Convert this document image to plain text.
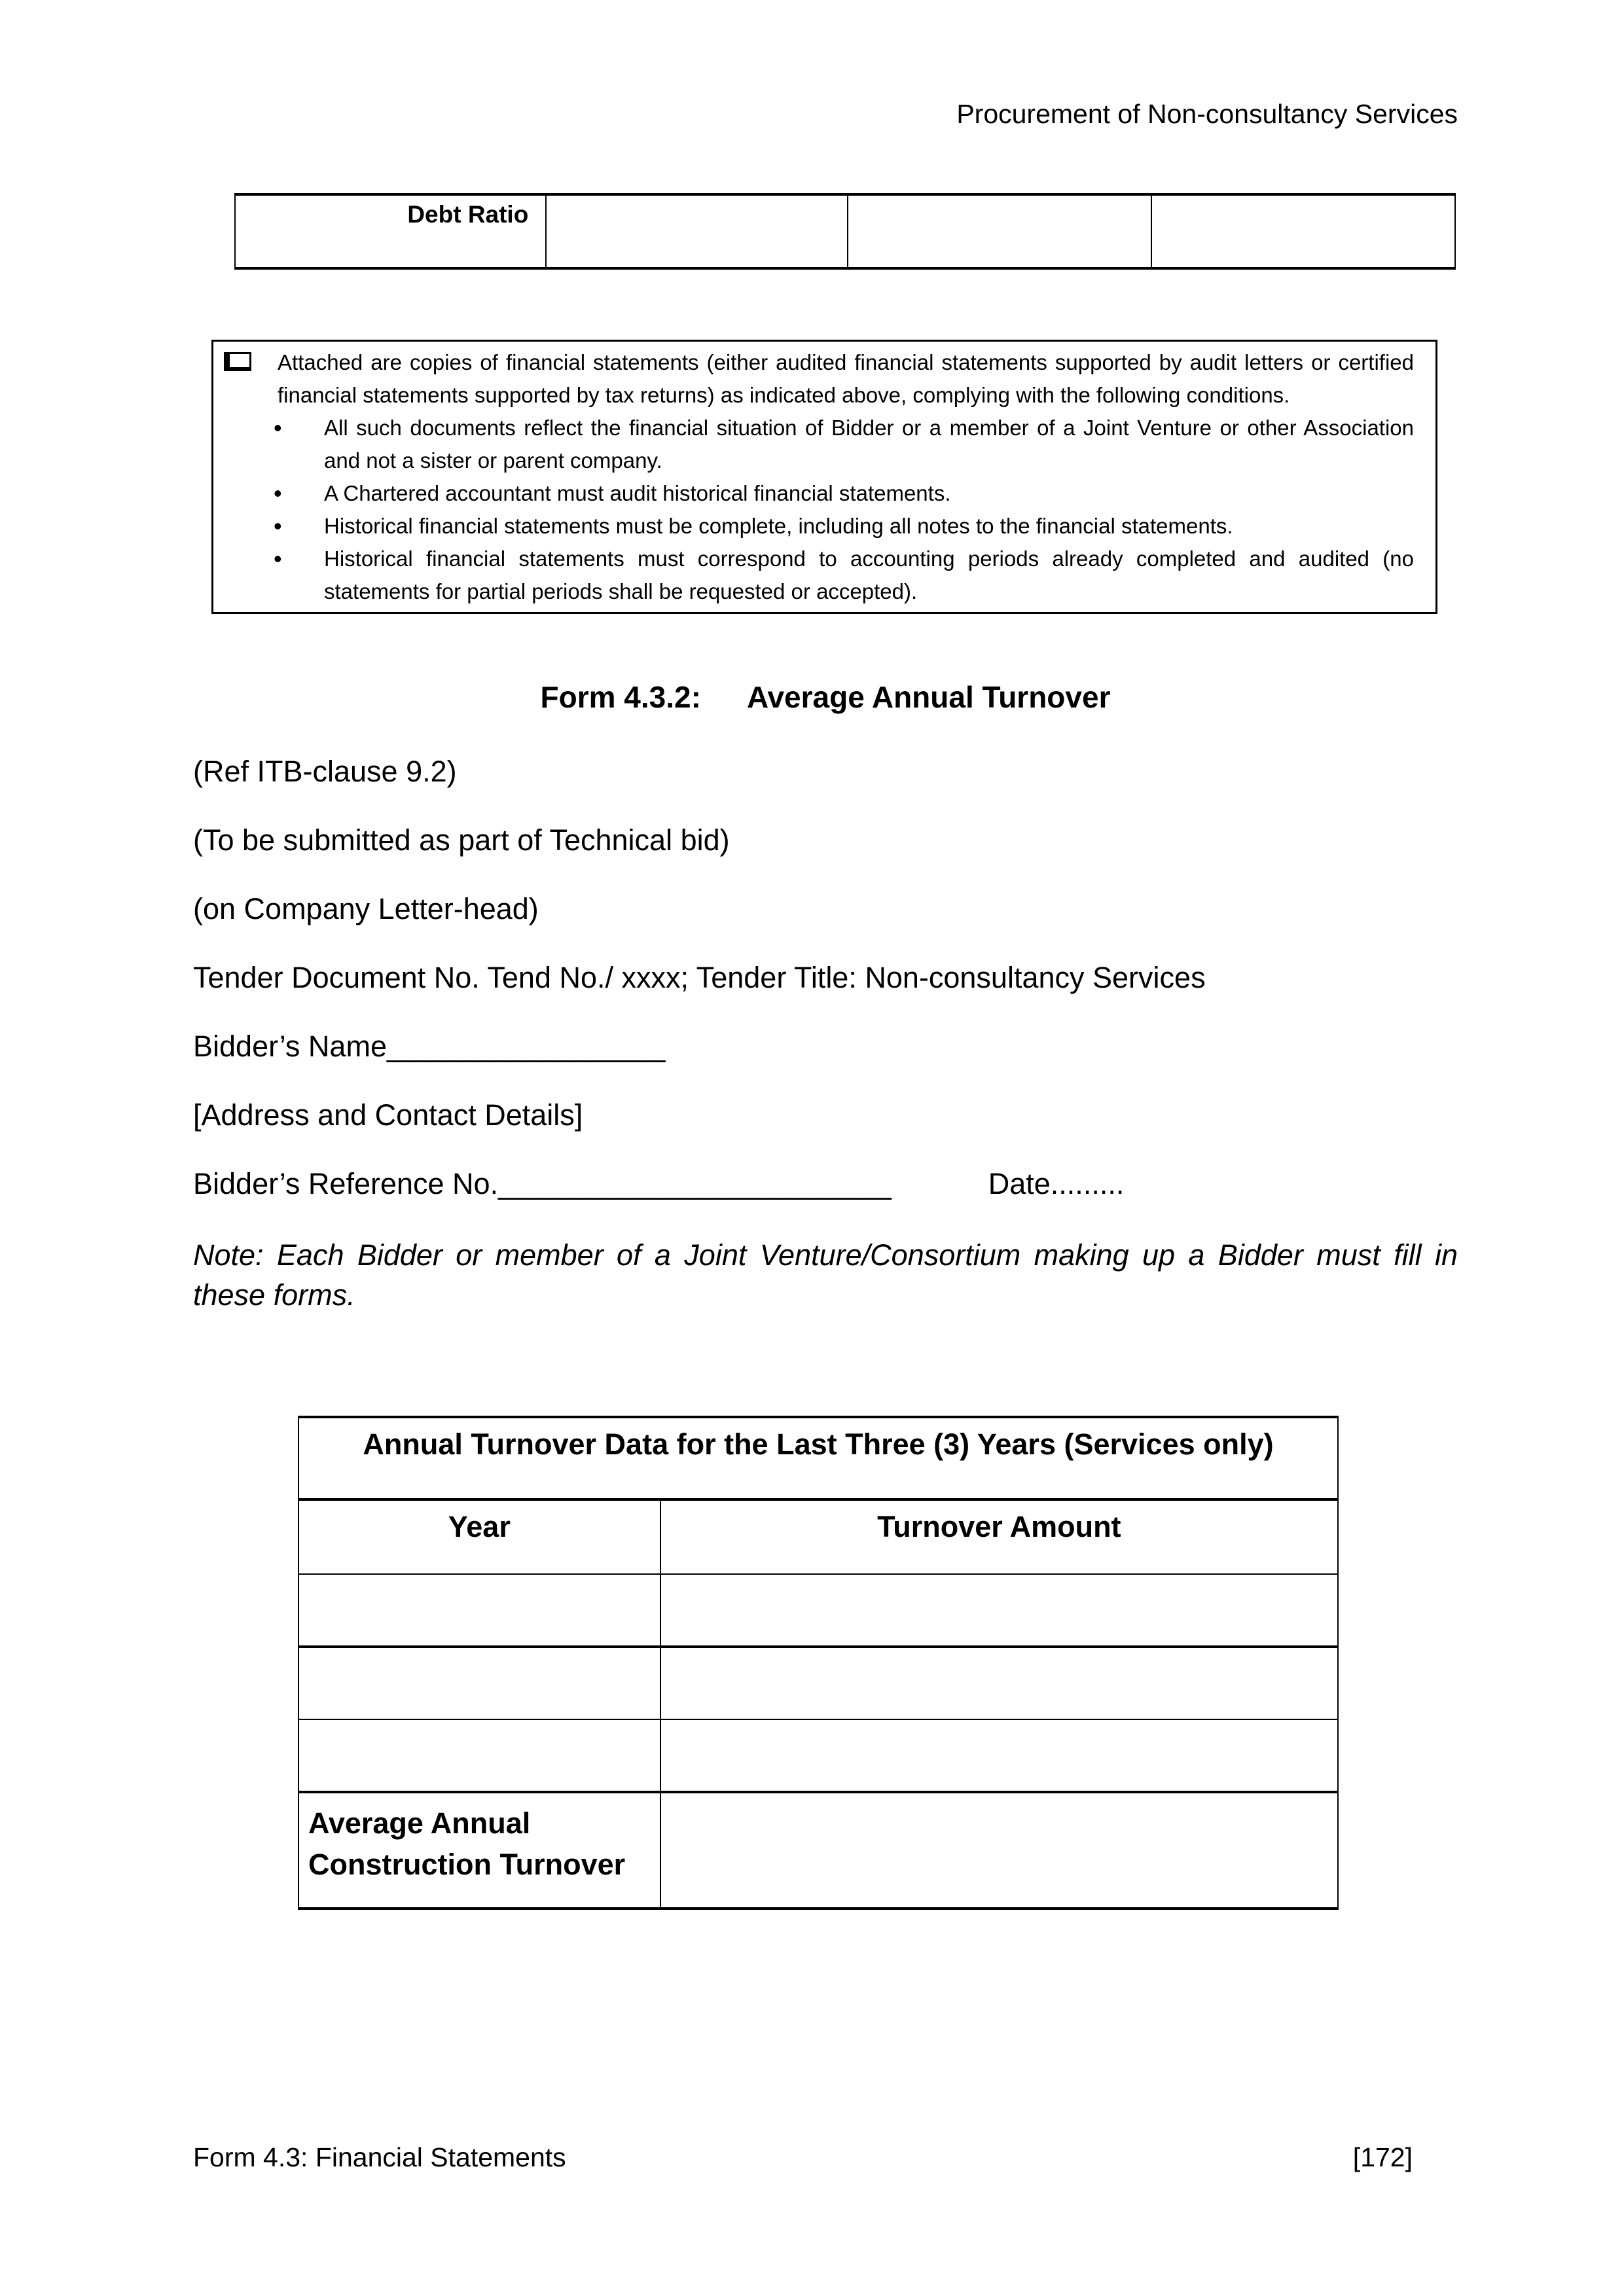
Procurement of Non-consultancy Services
Debt Ratio			
Attached are copies of financial statements (either audited financial statements supported by audit letters or certified financial statements supported by tax returns) as indicated above, complying with the following conditions.
•	All such documents reflect the financial situation of Bidder or a member of a Joint Venture or other Association and not a sister or parent company.
•	A Chartered accountant must audit historical financial statements.
•	Historical financial statements must be complete, including all notes to the financial statements.
•	Historical financial statements must correspond to accounting periods already completed and audited (no statements for partial periods shall be requested or accepted).
Form 4.3.2: Average Annual Turnover

(Ref ITB-clause 9.2)

(To be submitted as part of Technical bid)

(on Company Letter-head)

Tender Document No. Tend No./ xxxx; Tender Title: Non-consultancy Services

Bidder’s Name_________________

[Address and Contact Details]

Bidder’s Reference No.________________________	Date.........

Note: Each Bidder or member of a Joint Venture/Consortium making up a Bidder must fill in these forms.

Annual Turnover Data for the Last Three (3) Years (Services only)	
Year	Turnover Amount

Average Annual Construction Turnover	
Form 4.3: Financial Statements	[172]
